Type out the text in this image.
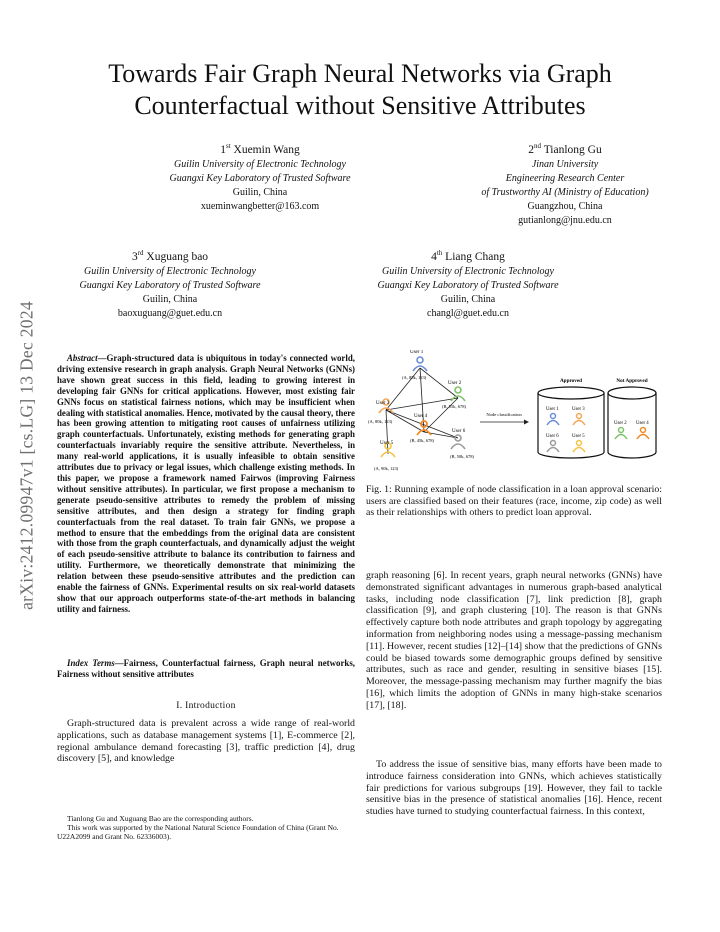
arXiv:2412.09947v1 [cs.LG] 13 Dec 2024
Towards Fair Graph Neural Networks via Graph
Counterfactual without Sensitive Attributes
1st Xuemin Wang
Guilin University of Electronic Technology
Guangxi Key Laboratory of Trusted Software
Guilin, China
xueminwangbetter@163.com
2nd Tianlong Gu
Jinan University
Engineering Research Center
of Trustworthy AI (Ministry of Education)
Guangzhou, China
gutianlong@jnu.edu.cn
3rd Xuguang bao
Guilin University of Electronic Technology
Guangxi Key Laboratory of Trusted Software
Guilin, China
baoxuguang@guet.edu.cn
4th Liang Chang
Guilin University of Electronic Technology
Guangxi Key Laboratory of Trusted Software
Guilin, China
changl@guet.edu.cn
Abstract—Graph-structured data is ubiquitous in today's connected world, driving extensive research in graph analysis. Graph Neural Networks (GNNs) have shown great success in this field, leading to growing interest in developing fair GNNs for critical applications. However, most existing fair GNNs focus on statistical fairness notions, which may be insufficient when dealing with statistical anomalies. Hence, motivated by the causal theory, there has been growing attention to mitigating root causes of unfairness utilizing graph counterfactuals. Unfortunately, existing methods for generating graph counterfactuals invariably require the sensitive attribute. Nevertheless, in many real-world applications, it is usually infeasible to obtain sensitive attributes due to privacy or legal issues, which challenge existing methods. In this paper, we propose a framework named Fairwos (improving Fairness without sensitive attributes). In particular, we first propose a mechanism to generate pseudo-sensitive attributes to remedy the problem of missing sensitive attributes, and then design a strategy for finding graph counterfactuals from the real dataset. To train fair GNNs, we propose a method to ensure that the embeddings from the original data are consistent with those from the graph counterfactuals, and dynamically adjust the weight of each pseudo-sensitive attribute to balance its contribution to fairness and utility. Furthermore, we theoretically demonstrate that minimizing the relation between these pseudo-sensitive attributes and the prediction can enable the fairness of GNNs. Experimental results on six real-world datasets show that our approach outperforms state-of-the-art methods in balancing utility and fairness.
Index Terms—Fairness, Counterfactual fairness, Graph neural networks, Fairness without sensitive attributes
I. Introduction
Graph-structured data is prevalent across a wide range of real-world applications, such as database management systems [1], E-commerce [2], regional ambulance demand forecasting [3], traffic prediction [4], drug discovery [5], and knowledge
Tianlong Gu and Xuguang Bao are the corresponding authors.
This work was supported by the National Natural Science Foundation of China (Grant No. U22A2099 and Grant No. 62336003).
User 1
(A, 85k, 123)
User 2
(B, 55k, 678)
User 3
(A, 80k, 123)
User 4
(B, 45k, 678)
User 5
(A, 90k, 123)
User 6
(B, 50k, 678)
Node classification
Approved
User 1	User 3
User 6	User 5
Not Approved
User 2 User 4
Fig. 1: Running example of node classification in a loan approval scenario: users are classified based on their features (race, income, zip code) as well as their relationships with others to predict loan approval.
graph reasoning [6]. In recent years, graph neural networks (GNNs) have demonstrated significant advantages in numerous graph-based analytical tasks, including node classification [7], link prediction [8], graph classification [9], and graph clustering [10]. The reason is that GNNs effectively capture both node attributes and graph topology by aggregating information from neighboring nodes using a message-passing mechanism [11]. However, recent studies [12]–[14] show that the predictions of GNNs could be biased towards some demographic groups defined by sensitive attributes, such as race and gender, resulting in sensitive biases [15]. Moreover, the message-passing mechanism may further magnify the bias [16], which limits the adoption of GNNs in many high-stake scenarios [17], [18].
To address the issue of sensitive bias, many efforts have been made to introduce fairness consideration into GNNs, which achieves statistically fair predictions for various subgroups [19]. However, they fail to tackle sensitive bias in the presence of statistical anomalies [16]. Hence, recent studies have turned to studying counterfactual fairness. In this context,
